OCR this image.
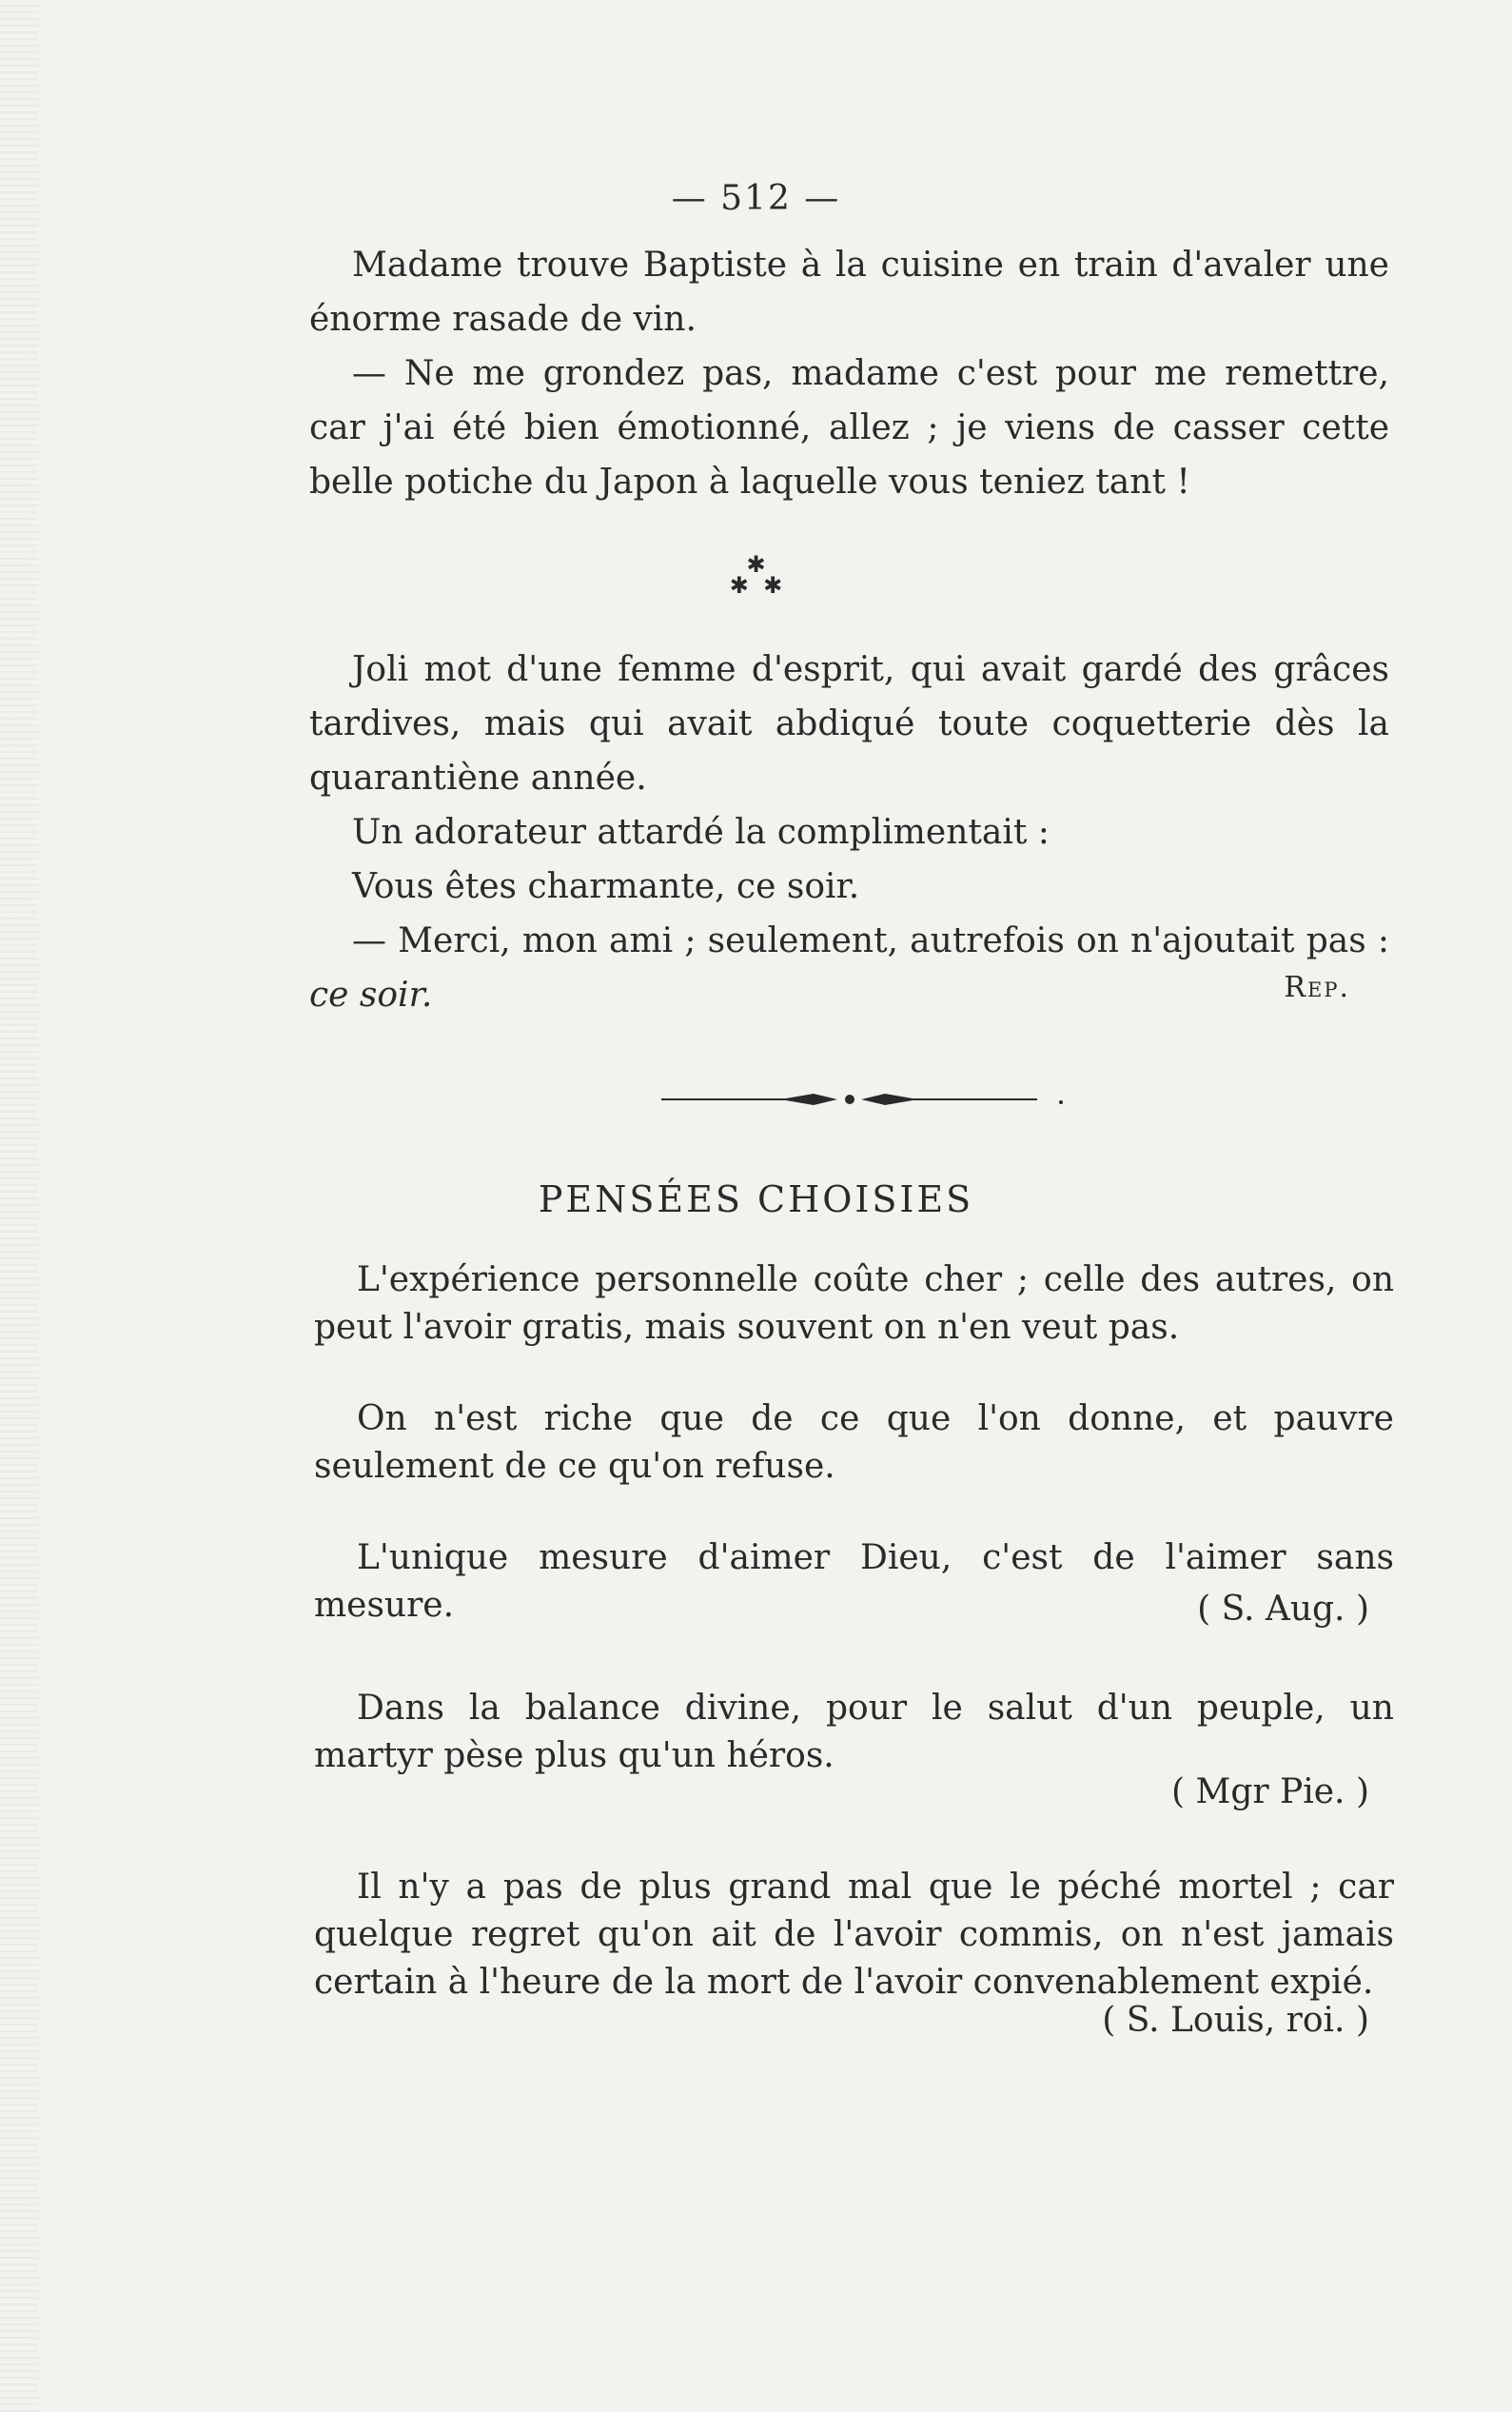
— 512 —

Madame trouve Baptiste à la cuisine en train d'avaler une énorme rasade de vin.

— Ne me grondez pas, madame c'est pour me remettre, car j'ai été bien émotionné, allez ; je viens de casser cette belle potiche du Japon à laquelle vous teniez tant !

✱
✱  ✱

Joli mot d'une femme d'esprit, qui avait gardé des grâces tardives, mais qui avait abdiqué toute coquetterie dès la quarantiène année.

Un adorateur attardé la complimentait :

Vous êtes charmante, ce soir.

— Merci, mon ami ; seulement, autrefois on n'ajoutait pas : ce soir.	Rep.
PENSÉES CHOISIES

L'expérience personnelle coûte cher ; celle des autres, on peut l'avoir gratis, mais souvent on n'en veut pas.

On n'est riche que de ce que l'on donne, et pauvre seulement de ce qu'on refuse.

L'unique mesure d'aimer Dieu, c'est de l'aimer sans mesure.	( S. Aug. )

Dans la balance divine, pour le salut d'un peuple, un martyr pèse plus qu'un héros.

( Mgr Pie. )

Il n'y a pas de plus grand mal que le péché mortel ; car quelque regret qu'on ait de l'avoir commis, on n'est jamais certain à l'heure de la mort de l'avoir convenablement expié.

( S. Louis, roi. )
